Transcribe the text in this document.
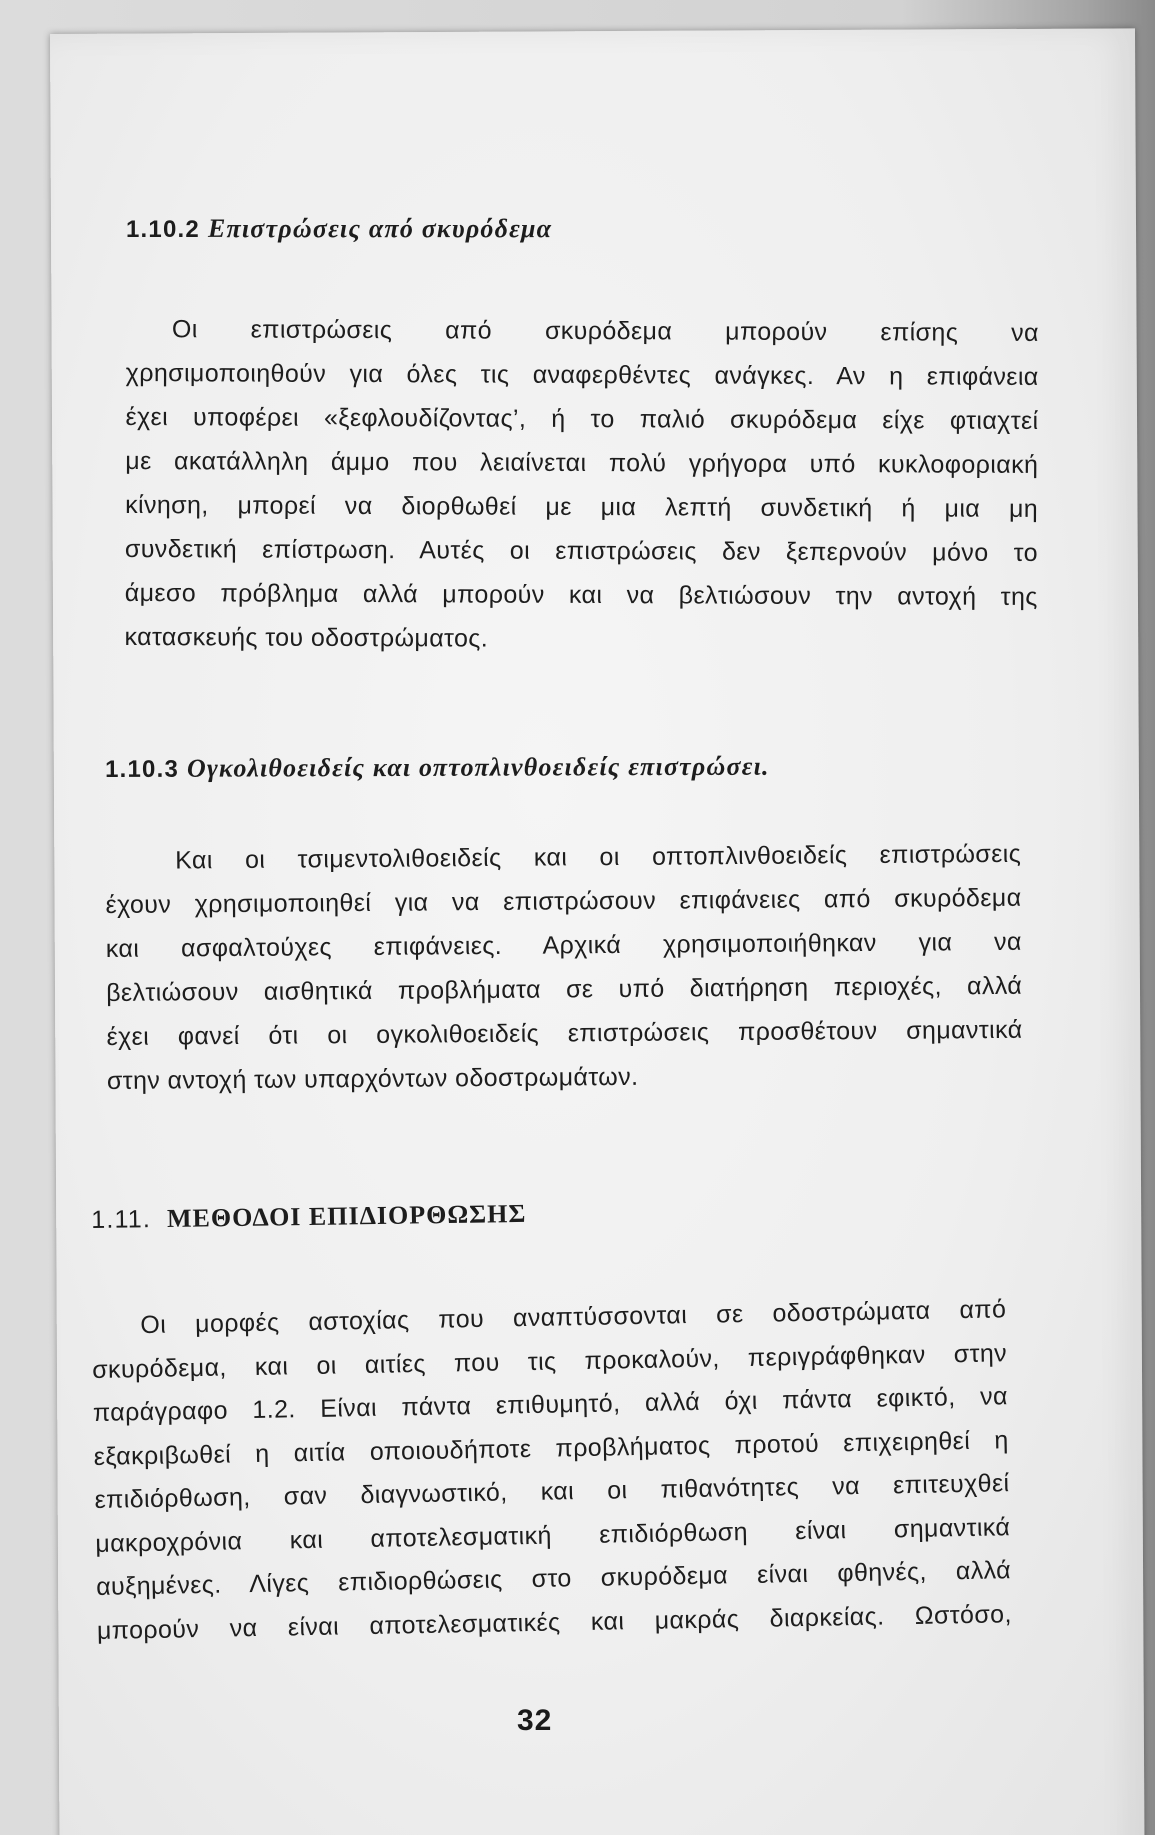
1.10.2 Επιστρώσεις από σκυρόδεμα
Οι επιστρώσεις από σκυρόδεμα μπορούν επίσης να
χρησιμοποιηθούν για όλες τις αναφερθέντες ανάγκες. Αν η επιφάνεια
έχει υποφέρει «ξεφλουδίζοντας’, ή το παλιό σκυρόδεμα είχε φτιαχτεί
με ακατάλληλη άμμο που λειαίνεται πολύ γρήγορα υπό κυκλοφοριακή
κίνηση, μπορεί να διορθωθεί με μια λεπτή συνδετική ή μια μη
συνδετική επίστρωση. Αυτές οι επιστρώσεις δεν ξεπερνούν μόνο το
άμεσο πρόβλημα αλλά μπορούν και να βελτιώσουν την αντοχή της
κατασκευής του οδοστρώματος.
1.10.3 Ογκολιθοειδείς και οπτοπλινθοειδείς επιστρώσει.
Και οι τσιμεντολιθοειδείς και οι οπτοπλινθοειδείς επιστρώσεις
έχουν χρησιμοποιηθεί για να επιστρώσουν επιφάνειες από σκυρόδεμα
και ασφαλτούχες επιφάνειες. Αρχικά χρησιμοποιήθηκαν για να
βελτιώσουν αισθητικά προβλήματα σε υπό διατήρηση περιοχές, αλλά
έχει φανεί ότι οι ογκολιθοειδείς επιστρώσεις προσθέτουν σημαντικά
στην αντοχή των υπαρχόντων οδοστρωμάτων.
1.11. ΜΕΘΟΔΟΙ ΕΠΙΔΙΟΡΘΩΣΗΣ
Οι μορφές αστοχίας που αναπτύσσονται σε οδοστρώματα από
σκυρόδεμα, και οι αιτίες που τις προκαλούν, περιγράφθηκαν στην
παράγραφο 1.2. Είναι πάντα επιθυμητό, αλλά όχι πάντα εφικτό, να
εξακριβωθεί η αιτία οποιουδήποτε προβλήματος προτού επιχειρηθεί η
επιδιόρθωση, σαν διαγνωστικό, και οι πιθανότητες να επιτευχθεί
μακροχρόνια και αποτελεσματική επιδιόρθωση είναι σημαντικά
αυξημένες. Λίγες επιδιορθώσεις στο σκυρόδεμα είναι φθηνές, αλλά
μπορούν να είναι αποτελεσματικές και μακράς διαρκείας. Ωστόσο,
32
